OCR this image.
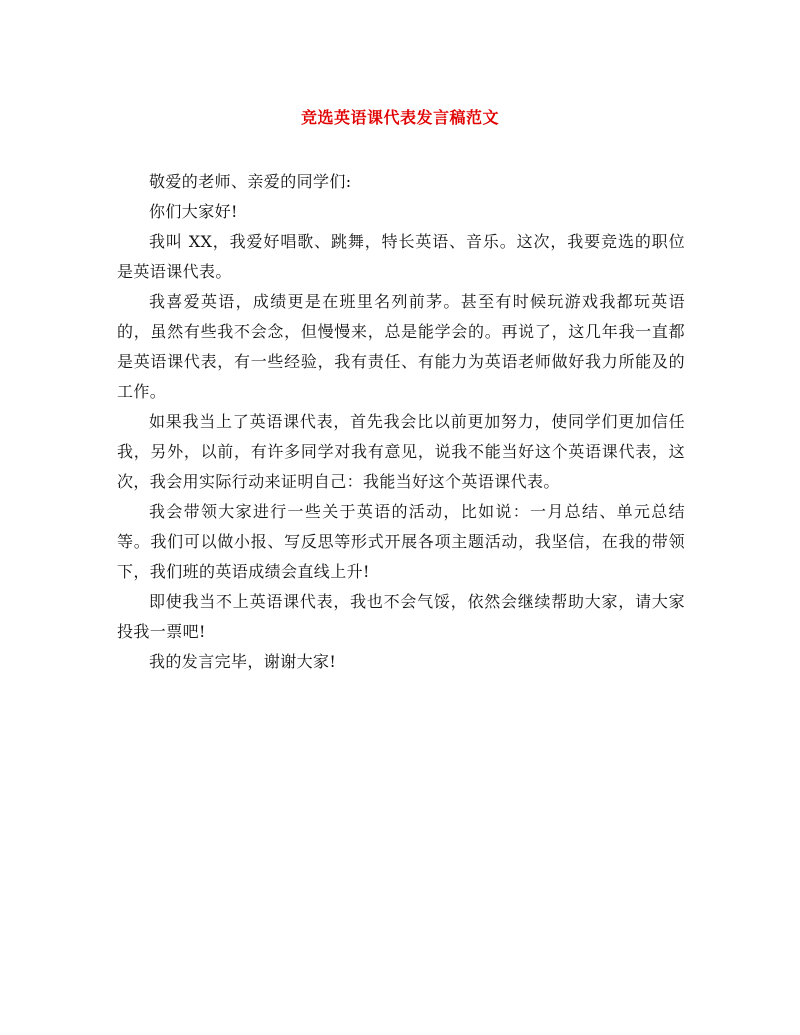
竞选英语课代表发言稿范文

敬爱的老师、亲爱的同学们:

你们大家好!

我叫 XX，我爱好唱歌、跳舞，特长英语、音乐。这次，我要竞选的职位是英语课代表。

我喜爱英语，成绩更是在班里名列前茅。甚至有时候玩游戏我都玩英语的，虽然有些我不会念，但慢慢来，总是能学会的。再说了，这几年我一直都是英语课代表，有一些经验，我有责任、有能力为英语老师做好我力所能及的工作。

如果我当上了英语课代表，首先我会比以前更加努力，使同学们更加信任我，另外，以前，有许多同学对我有意见，说我不能当好这个英语课代表，这次，我会用实际行动来证明自己：我能当好这个英语课代表。

我会带领大家进行一些关于英语的活动，比如说：一月总结、单元总结等。我们可以做小报、写反思等形式开展各项主题活动，我坚信，在我的带领下，我们班的英语成绩会直线上升!

即使我当不上英语课代表，我也不会气馁，依然会继续帮助大家，请大家投我一票吧!

我的发言完毕，谢谢大家!
